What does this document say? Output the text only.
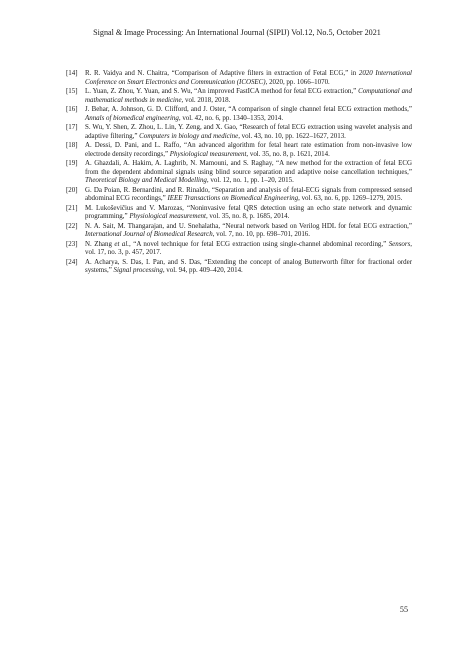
Signal & Image Processing: An International Journal (SIPIJ) Vol.12, No.5, October 2021
[14] R. R. Vaidya and N. Chaitra, “Comparison of Adaptive filters in extraction of Fetal ECG,” in 2020 International Conference on Smart Electronics and Communication (ICOSEC), 2020, pp. 1066–1070.
[15] L. Yuan, Z. Zhou, Y. Yuan, and S. Wu, “An improved FastICA method for fetal ECG extraction,” Computational and mathematical methods in medicine, vol. 2018, 2018.
[16] J. Behar, A. Johnson, G. D. Clifford, and J. Oster, “A comparison of single channel fetal ECG extraction methods,” Annals of biomedical engineering, vol. 42, no. 6, pp. 1340–1353, 2014.
[17] S. Wu, Y. Shen, Z. Zhou, L. Lin, Y. Zeng, and X. Gao, “Research of fetal ECG extraction using wavelet analysis and adaptive filtering,” Computers in biology and medicine, vol. 43, no. 10, pp. 1622–1627, 2013.
[18] A. Dessi, D. Pani, and L. Raffo, “An advanced algorithm for fetal heart rate estimation from non-invasive low electrode density recordings,” Physiological measurement, vol. 35, no. 8, p. 1621, 2014.
[19] A. Ghazdali, A. Hakim, A. Laghrib, N. Mamouni, and S. Raghay, “A new method for the extraction of fetal ECG from the dependent abdominal signals using blind source separation and adaptive noise cancellation techniques,” Theoretical Biology and Medical Modelling, vol. 12, no. 1, pp. 1–20, 2015.
[20] G. Da Poian, R. Bernardini, and R. Rinaldo, “Separation and analysis of fetal-ECG signals from compressed sensed abdominal ECG recordings,” IEEE Transactions on Biomedical Engineering, vol. 63, no. 6, pp. 1269–1279, 2015.
[21] M. Lukoševičius and V. Marozas, “Noninvasive fetal QRS detection using an echo state network and dynamic programming,” Physiological measurement, vol. 35, no. 8, p. 1685, 2014.
[22] N. A. Sait, M. Thangarajan, and U. Snehalatha, “Neural network based on Verilog HDL for fetal ECG extraction,” International Journal of Biomedical Research, vol. 7, no. 10, pp. 698–701, 2016.
[23] N. Zhang et al., “A novel technique for fetal ECG extraction using single-channel abdominal recording,” Sensors, vol. 17, no. 3, p. 457, 2017.
[24] A. Acharya, S. Das, I. Pan, and S. Das, “Extending the concept of analog Butterworth filter for fractional order systems,” Signal processing, vol. 94, pp. 409–420, 2014.
55
